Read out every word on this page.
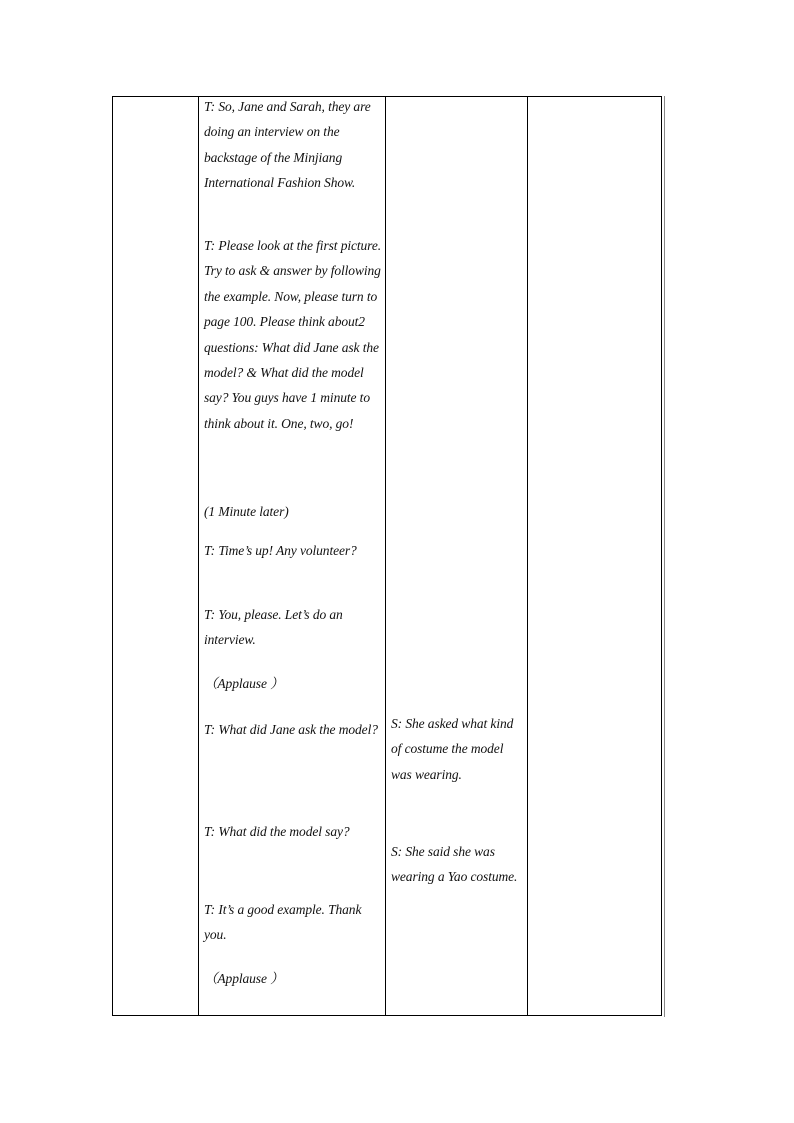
T: So, Jane and Sarah, they are doing an interview on the backstage of the Minjiang International Fashion Show.

T: Please look at the first picture. Try to ask & answer by following the example. Now, please turn to page 100. Please think about2 questions: What did Jane ask the model? & What did the model say? You guys have 1 minute to think about it. One, two, go!

(1 Minute later)

T: Time’s up! Any volunteer?

T: You, please. Let’s do an interview.

（Applause ）

T: What did Jane ask the model?

T: What did the model say?

T: It’s a good example. Thank you.

（Applause ）

S: She asked what kind of costume the model was wearing.

S: She said she was wearing a Yao costume.
